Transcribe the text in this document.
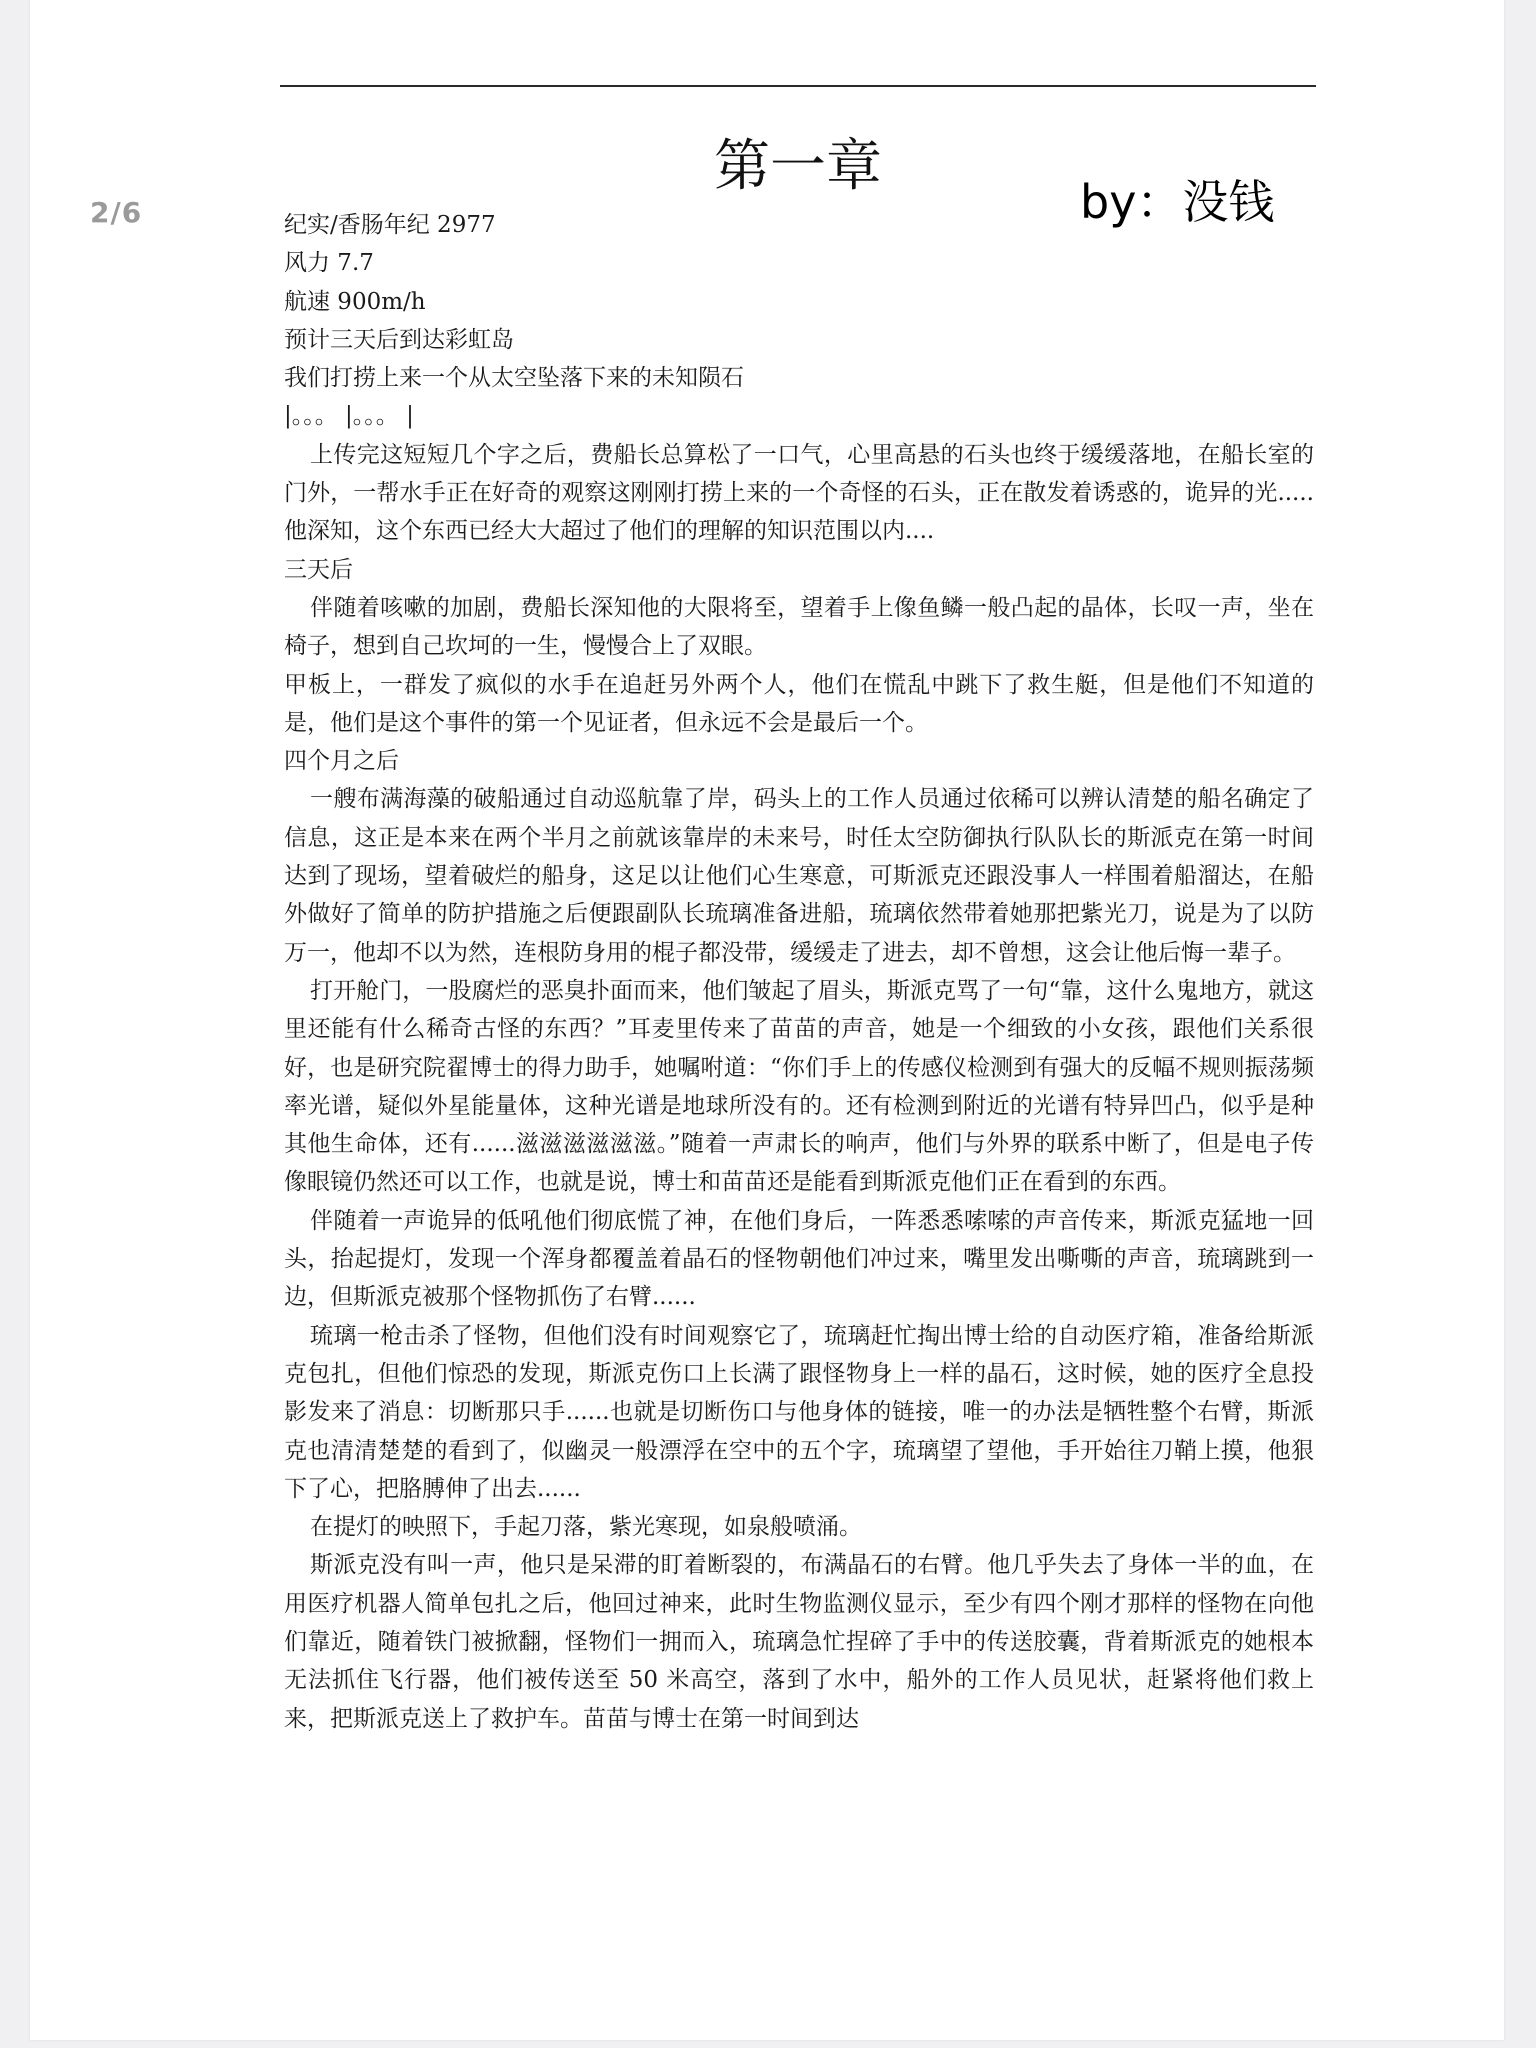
第一章
by：没钱

纪实/香肠年纪 2977

风力 7.7

航速 900m/h

预计三天后到达彩虹岛

我们打捞上来一个从太空坠落下来的未知陨石

|。。。 |。。。 |

上传完这短短几个字之后，费船长总算松了一口气，心里高悬的石头也终于缓缓落地，在船长室的门外，一帮水手正在好奇的观察这刚刚打捞上来的一个奇怪的石头，正在散发着诱惑的，诡异的光.....他深知，这个东西已经大大超过了他们的理解的知识范围以内....

三天后

伴随着咳嗽的加剧，费船长深知他的大限将至，望着手上像鱼鳞一般凸起的晶体，长叹一声，坐在椅子，想到自己坎坷的一生，慢慢合上了双眼。

甲板上，一群发了疯似的水手在追赶另外两个人，他们在慌乱中跳下了救生艇，但是他们不知道的是，他们是这个事件的第一个见证者，但永远不会是最后一个。

四个月之后

一艘布满海藻的破船通过自动巡航靠了岸，码头上的工作人员通过依稀可以辨认清楚的船名确定了信息，这正是本来在两个半月之前就该靠岸的未来号，时任太空防御执行队队长的斯派克在第一时间达到了现场，望着破烂的船身，这足以让他们心生寒意，可斯派克还跟没事人一样围着船溜达，在船外做好了简单的防护措施之后便跟副队长琉璃准备进船，琉璃依然带着她那把紫光刀，说是为了以防万一，他却不以为然，连根防身用的棍子都没带，缓缓走了进去，却不曾想，这会让他后悔一辈子。

打开舱门，一股腐烂的恶臭扑面而来，他们皱起了眉头，斯派克骂了一句“靠，这什么鬼地方，就这里还能有什么稀奇古怪的东西？”耳麦里传来了苗苗的声音，她是一个细致的小女孩，跟他们关系很好，也是研究院翟博士的得力助手，她嘱咐道：“你们手上的传感仪检测到有强大的反幅不规则振荡频率光谱，疑似外星能量体，这种光谱是地球所没有的。还有检测到附近的光谱有特异凹凸，似乎是种其他生命体，还有......滋滋滋滋滋滋。”随着一声肃长的响声，他们与外界的联系中断了，但是电子传像眼镜仍然还可以工作，也就是说，博士和苗苗还是能看到斯派克他们正在看到的东西。

伴随着一声诡异的低吼他们彻底慌了神，在他们身后，一阵悉悉嗦嗦的声音传来，斯派克猛地一回头，抬起提灯，发现一个浑身都覆盖着晶石的怪物朝他们冲过来，嘴里发出嘶嘶的声音，琉璃跳到一边，但斯派克被那个怪物抓伤了右臂......

琉璃一枪击杀了怪物，但他们没有时间观察它了，琉璃赶忙掏出博士给的自动医疗箱，准备给斯派克包扎，但他们惊恐的发现，斯派克伤口上长满了跟怪物身上一样的晶石，这时候，她的医疗全息投影发来了消息：切断那只手......也就是切断伤口与他身体的链接，唯一的办法是牺牲整个右臂，斯派克也清清楚楚的看到了，似幽灵一般漂浮在空中的五个字，琉璃望了望他，手开始往刀鞘上摸，他狠下了心，把胳膊伸了出去......

在提灯的映照下，手起刀落，紫光寒现，如泉般喷涌。

斯派克没有叫一声，他只是呆滞的盯着断裂的，布满晶石的右臂。他几乎失去了身体一半的血，在用医疗机器人简单包扎之后，他回过神来，此时生物监测仪显示，至少有四个刚才那样的怪物在向他们靠近，随着铁门被掀翻，怪物们一拥而入，琉璃急忙捏碎了手中的传送胶囊，背着斯派克的她根本无法抓住飞行器，他们被传送至 50 米高空，落到了水中，船外的工作人员见状，赶紧将他们救上来，把斯派克送上了救护车。苗苗与博士在第一时间到达

2/6
